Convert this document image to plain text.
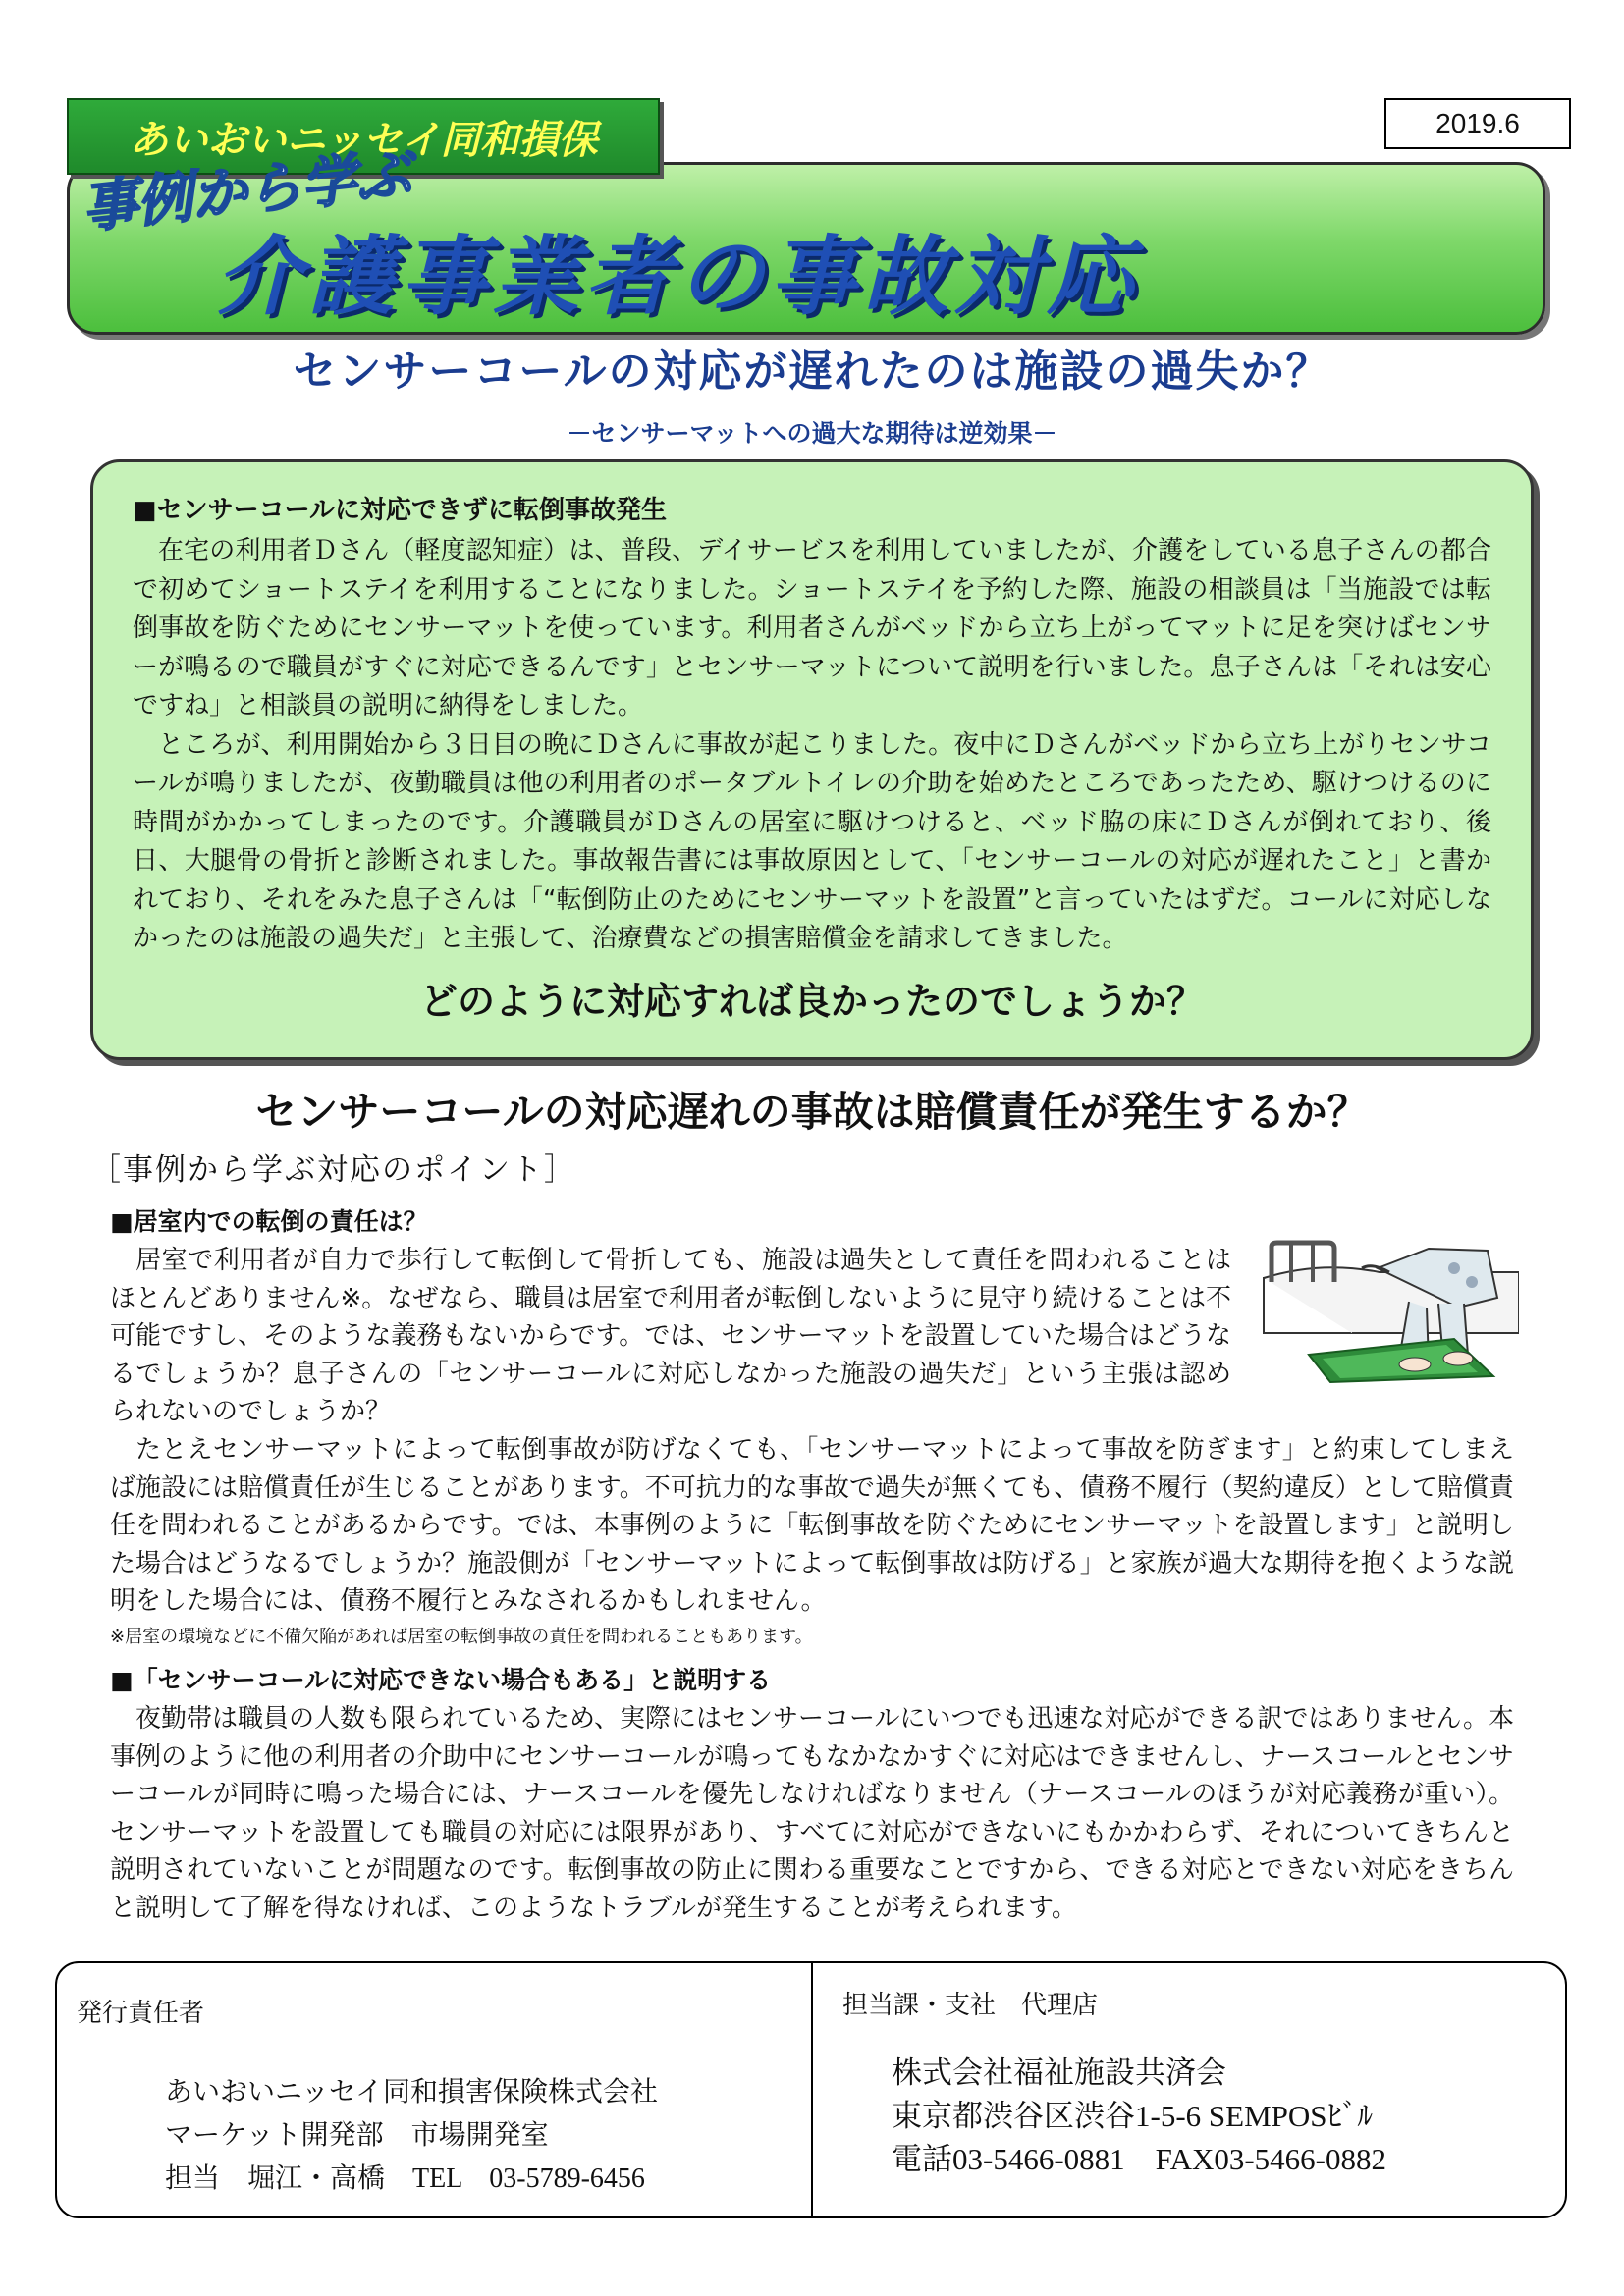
あいおいニッセイ同和損保	2019.6
事例から学ぶ
介護事業者の事故対応
センサーコールの対応が遅れたのは施設の過失か？
－センサーマットへの過大な期待は逆効果－
■センサーコールに対応できずに転倒事故発生

在宅の利用者Ｄさん（軽度認知症）は、普段、デイサービスを利用していましたが、介護をしている息子さんの都合で初めてショートステイを利用することになりました。ショートステイを予約した際、施設の相談員は「当施設では転倒事故を防ぐためにセンサーマットを使っています。利用者さんがベッドから立ち上がってマットに足を突けばセンサーが鳴るので職員がすぐに対応できるんです」とセンサーマットについて説明を行いました。息子さんは「それは安心ですね」と相談員の説明に納得をしました。

ところが、利用開始から３日目の晩にＤさんに事故が起こりました。夜中にＤさんがベッドから立ち上がりセンサコールが鳴りましたが、夜勤職員は他の利用者のポータブルトイレの介助を始めたところであったため、駆けつけるのに時間がかかってしまったのです。介護職員がＤさんの居室に駆けつけると、ベッド脇の床にＤさんが倒れており、後日、大腿骨の骨折と診断されました。事故報告書には事故原因として、「センサーコールの対応が遅れたこと」と書かれており、それをみた息子さんは「“転倒防止のためにセンサーマットを設置”と言っていたはずだ。コールに対応しなかったのは施設の過失だ」と主張して、治療費などの損害賠償金を請求してきました。

どのように対応すれば良かったのでしょうか？
センサーコールの対応遅れの事故は賠償責任が発生するか？
［事例から学ぶ対応のポイント］
■居室内での転倒の責任は？

居室で利用者が自力で歩行して転倒して骨折しても、施設は過失として責任を問われることはほとんどありません※。なぜなら、職員は居室で利用者が転倒しないように見守り続けることは不可能ですし、そのような義務もないからです。では、センサーマットを設置していた場合はどうなるでしょうか？息子さんの「センサーコールに対応しなかった施設の過失だ」という主張は認められないのでしょうか？

たとえセンサーマットによって転倒事故が防げなくても、「センサーマットによって事故を防ぎます」と約束してしまえば施設には賠償責任が生じることがあります。不可抗力的な事故で過失が無くても、債務不履行（契約違反）として賠償責任を問われることがあるからです。では、本事例のように「転倒事故を防ぐためにセンサーマットを設置します」と説明した場合はどうなるでしょうか？施設側が「センサーマットによって転倒事故は防げる」と家族が過大な期待を抱くような説明をした場合には、債務不履行とみなされるかもしれません。

※居室の環境などに不備欠陥があれば居室の転倒事故の責任を問われることもあります。
■「センサーコールに対応できない場合もある」と説明する

夜勤帯は職員の人数も限られているため、実際にはセンサーコールにいつでも迅速な対応ができる訳ではありません。本事例のように他の利用者の介助中にセンサーコールが鳴ってもなかなかすぐに対応はできませんし、ナースコールとセンサーコールが同時に鳴った場合には、ナースコールを優先しなければなりません（ナースコールのほうが対応義務が重い）。センサーマットを設置しても職員の対応には限界があり、すべてに対応ができないにもかかわらず、それについてきちんと説明されていないことが問題なのです。転倒事故の防止に関わる重要なことですから、できる対応とできない対応をきちんと説明して了解を得なければ、このようなトラブルが発生することが考えられます。

発行責任者
あいおいニッセイ同和損害保険株式会社
マーケット開発部　市場開発室
担当　堀江・高橋　TEL　03-5789-6456
担当課・支社　代理店
株式会社福祉施設共済会
東京都渋谷区渋谷1-5-6 SEMPOSﾋﾞﾙ
電話03-5466-0881　FAX03-5466-0882
